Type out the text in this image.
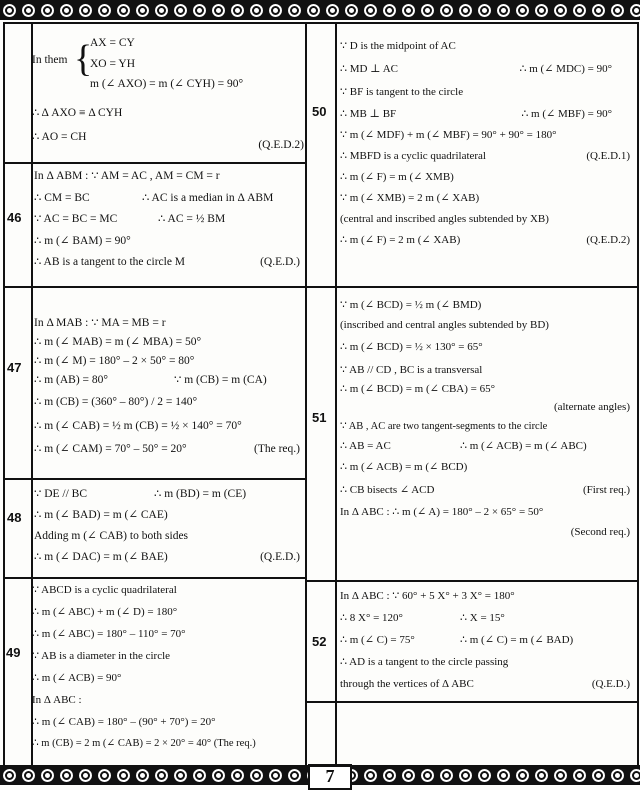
7
{
AX = CY
XO = YH
In them
m (∠ AXO) = m (∠ CYH) = 90°
∴ Δ AXO ≡ Δ CYH
∴ AO = CH
(Q.E.D.2)
46
In Δ ABM : ∵ AM = AC , AM = CM = r
∴ CM = BC	∴ AC is a median in Δ ABM
∵ AC = BC = MC	∴ AC = ½ BM
∴ m (∠ BAM) = 90°
∴ AB is a tangent to the circle M	(Q.E.D.)
47
In Δ MAB : ∵ MA = MB = r
∴ m (∠ MAB) = m (∠ MBA) = 50°
∴ m (∠ M) = 180° – 2 × 50° = 80°
∴ m (AB) = 80°	∵ m (CB) = m (CA)
∴ m (CB) = (360° – 80°) / 2 = 140°
∴ m (∠ CAB) = ½ m (CB) = ½ × 140° = 70°
∴ m (∠ CAM) = 70° – 50° = 20°	(The req.)
48
∵ DE // BC	∴ m (BD) = m (CE)
∴ m (∠ BAD) = m (∠ CAE)
Adding m (∠ CAB) to both sides
∴ m (∠ DAC) = m (∠ BAE)	(Q.E.D.)
49
∵ ABCD is a cyclic quadrilateral
∴ m (∠ ABC) + m (∠ D) = 180°
∴ m (∠ ABC) = 180° – 110° = 70°
∵ AB is a diameter in the circle
∴ m (∠ ACB) = 90°
In Δ ABC :
∴ m (∠ CAB) = 180° – (90° + 70°) = 20°
∴ m (CB) = 2 m (∠ CAB) = 2 × 20° = 40° (The req.)
50
∵ D is the midpoint of AC
∴ MD ⊥ AC	∴ m (∠ MDC) = 90°
∵ BF is tangent to the circle
∴ MB ⊥ BF	∴ m (∠ MBF) = 90°
∵ m (∠ MDF) + m (∠ MBF) = 90° + 90° = 180°
∴ MBFD is a cyclic quadrilateral	(Q.E.D.1)
∴ m (∠ F) = m (∠ XMB)
∵ m (∠ XMB) = 2 m (∠ XAB)
(central and inscribed angles subtended by XB)
∴ m (∠ F) = 2 m (∠ XAB)	(Q.E.D.2)
51
∵ m (∠ BCD) = ½ m (∠ BMD)
(inscribed and central angles subtended by BD)
∴ m (∠ BCD) = ½ × 130° = 65°
∵ AB // CD , BC is a transversal
∴ m (∠ BCD) = m (∠ CBA) = 65°
(alternate angles)
∵ AB , AC are two tangent-segments to the circle
∴ AB = AC	∴ m (∠ ACB) = m (∠ ABC)
∴ m (∠ ACB) = m (∠ BCD)
∴ CB bisects ∠ ACD	(First req.)
In Δ ABC : ∴ m (∠ A) = 180° – 2 × 65° = 50°
(Second req.)
52
In Δ ABC : ∵ 60° + 5 X° + 3 X° = 180°
∴ 8 X° = 120°	∴ X = 15°
∴ m (∠ C) = 75°	∴ m (∠ C) = m (∠ BAD)
∴ AD is a tangent to the circle passing
through the vertices of Δ ABC	(Q.E.D.)
